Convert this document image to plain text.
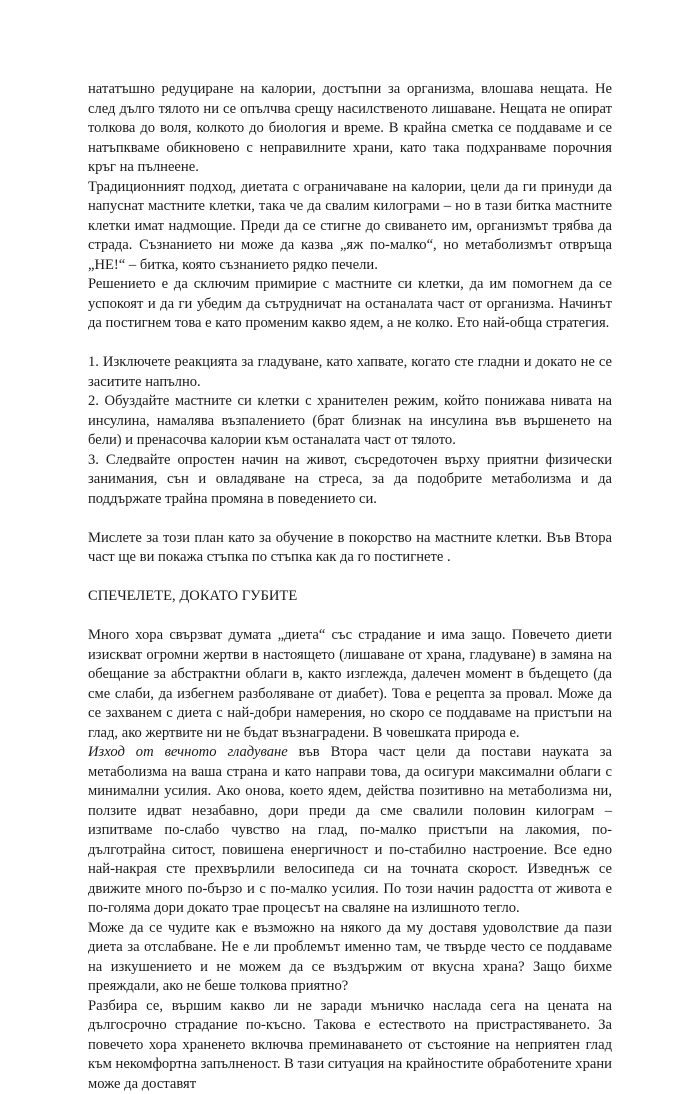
нататъшно редуциране на калории, достъпни за организма, влошава нещата. Не след дълго тялото ни се опълчва срещу насилственото лишаване. Нещата не опират толкова до воля, колкото до биология и време. В крайна сметка се поддаваме и се натъпкваме обикновено с неправилните храни, като така подхранваме порочния кръг на пълнеене.

Традиционният подход, диетата с ограничаване на калории, цели да ги принуди да напуснат мастните клетки, така че да свалим килограми – но в тази битка мастните клетки имат надмощие. Преди да се стигне до свиването им, организмът трябва да страда. Съзнанието ни може да казва „яж по-малко“, но метаболизмът отвръща „НЕ!“ – битка, която съзнанието рядко печели.

Решението е да сключим примирие с мастните си клетки, да им помогнем да се успокоят и да ги убедим да сътрудничат на останалата част от организма. Начинът да постигнем това е като променим какво ядем, а не колко. Ето най-обща стратегия.

1. Изключете реакцията за гладуване, като хапвате, когато сте гладни и докато не се заситите напълно.

2. Обуздайте мастните си клетки с хранителен режим, който понижава нивата на инсулина, намалява възпалението (брат близнак на инсулина във вършенето на бели) и пренасочва калории към останалата част от тялото.

3. Следвайте опростен начин на живот, съсредоточен върху приятни физически занимания, сън и овладяване на стреса, за да подобрите метаболизма и да поддържате трайна промяна в поведението си.

Мислете за този план като за обучение в покорство на мастните клетки. Във Втора част ще ви покажа стъпка по стъпка как да го постигнете .

СПЕЧЕЛЕТЕ, ДОКАТО ГУБИТЕ

Много хора свързват думата „диета“ със страдание и има защо. Повечето диети изискват огромни жертви в настоящето (лишаване от храна, гладуване) в замяна на обещание за абстрактни облаги в, както изглежда, далечен момент в бъдещето (да сме слаби, да избегнем разболяване от диабет). Това е рецепта за провал. Може да се захванем с диета с най-добри намерения, но скоро се поддаваме на пристъпи на глад, ако жертвите ни не бъдат възнаградени. В човешката природа е.

Изход от вечното гладуване във Втора част цели да постави науката за метаболизма на ваша страна и като направи това, да осигури максимални облаги с минимални усилия. Ако онова, което ядем, действа позитивно на метаболизма ни, ползите идват незабавно, дори преди да сме свалили половин килограм – изпитваме по-слабо чувство на глад, по-малко пристъпи на лакомия, по-дълготрайна ситост, повишена енергичност и по-стабилно настроение. Все едно най-накрая сте прехвърлили велосипеда си на точната скорост. Изведнъж се движите много по-бързо и с по-малко усилия. По този начин радостта от живота е по-голяма дори докато трае процесът на сваляне на излишното тегло.

Може да се чудите как е възможно на някого да му доставя удоволствие да пази диета за отслабване. Не е ли проблемът именно там, че твърде често се поддаваме на изкушението и не можем да се въздържим от вкусна храна? Защо бихме преяждали, ако не беше толкова приятно?

Разбира се, вършим какво ли не заради мъничко наслада сега на цената на дългосрочно страдание по-късно. Такова е естеството на пристрастяването. За повечето хора храненето включва преминаването от състояние на неприятен глад към некомфортна запълненост. В тази ситуация на крайностите обработените храни може да доставят
